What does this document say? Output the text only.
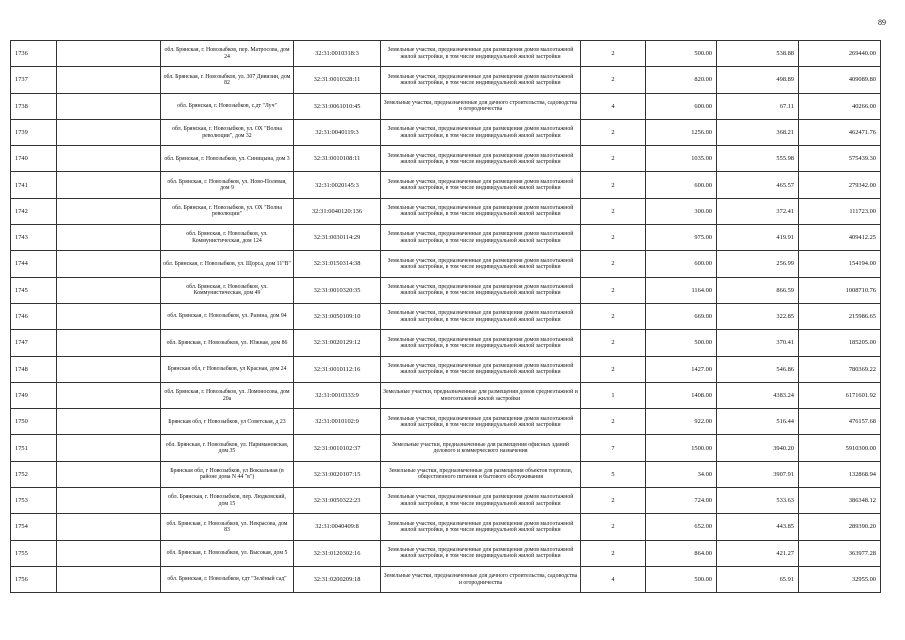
89
1736		обл. Брянская, г. Новозыбков, пер. Матросова, дом 24	32:31:0010318:3	Земельные участки, предназначенные для размещения домов малоэтажной жилой застройки, в том числе индивидуальной жилой застройки	2	500.00	538.88	269440.00
1737		обл. Брянская, г. Новозыбков, ул. 307 Дивизии, дом 82	32:31:0010328:11	Земельные участки, предназначенные для размещения домов малоэтажной жилой застройки, в том числе индивидуальной жилой застройки	2	820.00	498.89	409089.80
1738		обл. Брянская, г. Новозыбков, с.дт "Луч"	32:31:0061010:45	Земельные участки, предназначенные для дачного строительства, садоводства и огородничества	4	600.00	67.11	40266.00
1739		обл. Брянская, г. Новозыбков, ул. ОХ "Волна революции", дом 32	32:31:0040119:3	Земельные участки, предназначенные для размещения домов малоэтажной жилой застройки, в том числе индивидуальной жилой застройки	2	1256.00	368.21	462471.76
1740		обл. Брянская, г. Новозыбков, ул. Синицына, дом 3	32:31:0010108:11	Земельные участки, предназначенные для размещения домов малоэтажной жилой застройки, в том числе индивидуальной жилой застройки	2	1035.00	555.98	575439.30
1741		обл. Брянская, г. Новозыбков, ул. Ново-Полевая, дом 9	32:31:0020145:3	Земельные участки, предназначенные для размещения домов малоэтажной жилой застройки, в том числе индивидуальной жилой застройки	2	600.00	465.57	279342.00
1742		обл. Брянская, г. Новозыбков, ул. ОХ "Волна революции"	32:31:0040120:136	Земельные участки, предназначенные для размещения домов малоэтажной жилой застройки, в том числе индивидуальной жилой застройки	2	300.00	372.41	111723.00
1743		обл. Брянская, г. Новозыбков, ул. Коммунистическая, дом 124	32:31:0030114:29	Земельные участки, предназначенные для размещения домов малоэтажной жилой застройки, в том числе индивидуальной жилой застройки	2	975.00	419.91	409412.25
1744		обл. Брянская, г. Новозыбков, ул. Щорса, дом 11"В"	32:31:0150314:38	Земельные участки, предназначенные для размещения домов малоэтажной жилой застройки, в том числе индивидуальной жилой застройки	2	600.00	256.99	154194.00
1745		обл. Брянская, г. Новозыбков, ул. Коммунистическая, дом 49	32:31:0010320:35	Земельные участки, предназначенные для размещения домов малоэтажной жилой застройки, в том числе индивидуальной жилой застройки	2	1164.00	866.59	1008710.76
1746		обл. Брянская, г. Новозыбков, ул. Разина, дом 94	32:31:0050109:10	Земельные участки, предназначенные для размещения домов малоэтажной жилой застройки, в том числе индивидуальной жилой застройки	2	669.00	322.85	215986.65
1747		обл. Брянская, г. Новозыбков, ул. Южная, дом 86	32:31:0020129:12	Земельные участки, предназначенные для размещения домов малоэтажной жилой застройки, в том числе индивидуальной жилой застройки	2	500.00	370.41	185205.00
1748		Брянская обл, г Новозыбков, ул Красная, дом 24	32:31:0010112:16	Земельные участки, предназначенные для размещения домов малоэтажной жилой застройки, в том числе индивидуальной жилой застройки	2	1427.00	546.86	780369.22
1749		обл. Брянская, г. Новозыбков, ул. Ломоносова, дом 20а	32:31:0010333:9	Земельные участки, предназначенные для размещения домов среднеэтажной и многоэтажной жилой застройки	1	1408.00	4383.24	6171601.92
1750		Брянская обл, г Новозыбков, ул Советская, д 23	32:31:0010102:9	Земельные участки, предназначенные для размещения домов малоэтажной жилой застройки, в том числе индивидуальной жилой застройки	2	922.00	516.44	476157.68
1751		обл. Брянская, г. Новозыбков, ул. Наримановская, дом 35	32:31:0010102:37	Земельные участки, предназначенные для размещения офисных зданий делового и коммерческого назначения	7	1500.00	3940.20	5910300.00
1752		Брянская обл, г Новозыбков, ул Вокзальная (в районе дома N 44 "в")	32:31:0020107:15	Земельные участки, предназначенные для размещения объектов торговли, общественного питания и бытового обслуживания	5	34.00	3907.91	132868.94
1753		обл. Брянская, г. Новозыбков, пер. Людковский, дом 15	32:31:0050322:23	Земельные участки, предназначенные для размещения домов малоэтажной жилой застройки, в том числе индивидуальной жилой застройки	2	724.00	533.63	386348.12
1754		обл. Брянская, г. Новозыбков, ул. Некрасова, дом 83	32:31:0040409:8	Земельные участки, предназначенные для размещения домов малоэтажной жилой застройки, в том числе индивидуальной жилой застройки	2	652.00	443.85	289390.20
1755		обл. Брянская, г. Новозыбков, ул. Высокая, дом 5	32:31:0120302:16	Земельные участки, предназначенные для размещения домов малоэтажной жилой застройки, в том числе индивидуальной жилой застройки	2	864.00	421.27	363977.28
1756		обл. Брянская, г. Новозыбков, сдт "Зелёный сад"	32:31:0200209:18	Земельные участки, предназначенные для дачного строительства, садоводства и огородничества	4	500.00	65.91	32955.00
